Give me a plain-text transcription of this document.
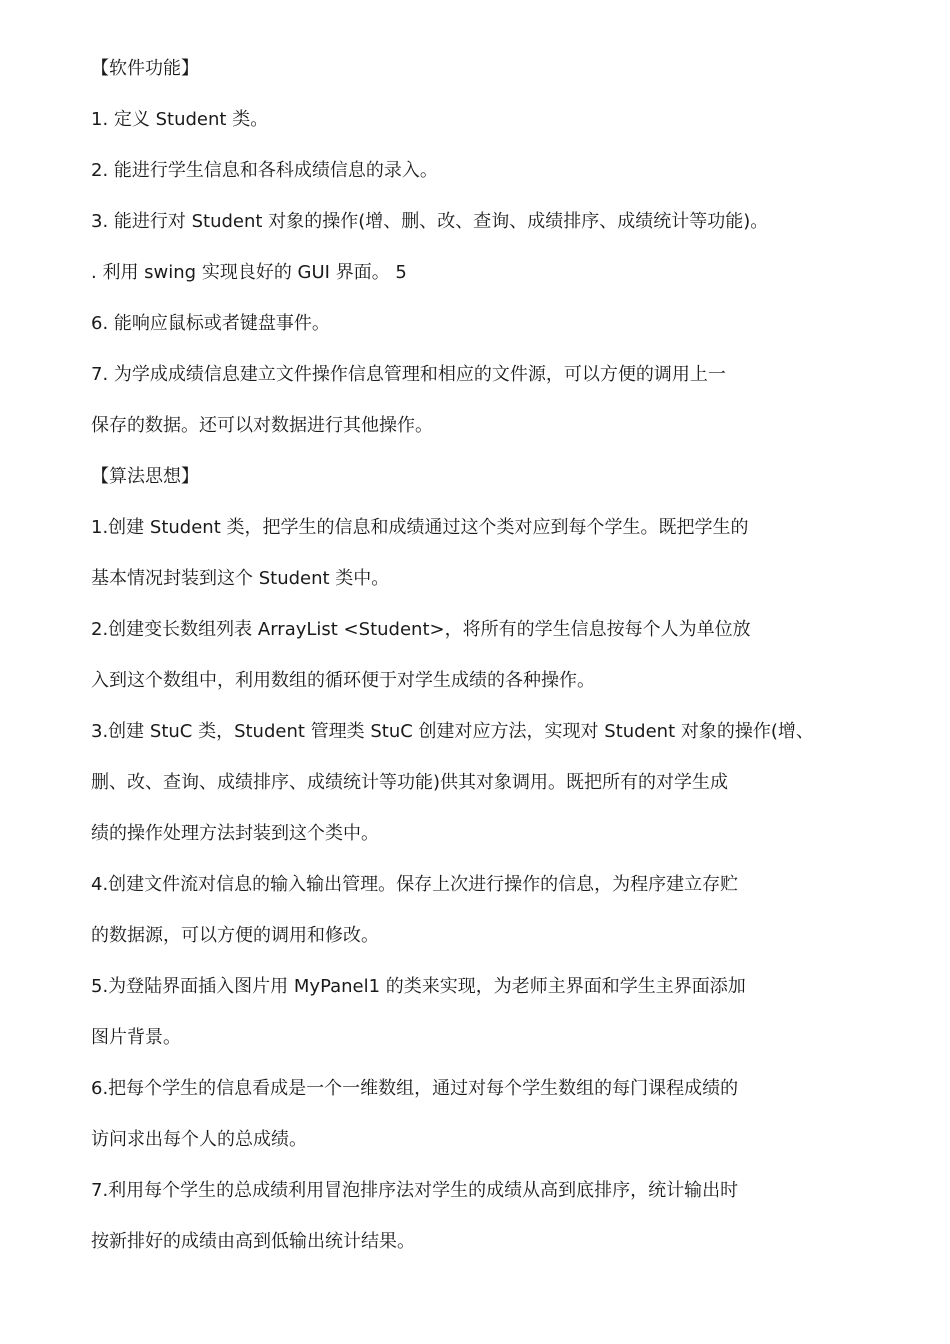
【软件功能】
1. 定义 Student 类。
2. 能进行学生信息和各科成绩信息的录入。
3. 能进行对 Student 对象的操作(增、删、改、查询、成绩排序、成绩统计等功能)。
. 利用 swing 实现良好的 GUI 界面。 5
6. 能响应鼠标或者键盘事件。
7. 为学成成绩信息建立文件操作信息管理和相应的文件源，可以方便的调用上一
保存的数据。还可以对数据进行其他操作。
【算法思想】
1.创建 Student 类，把学生的信息和成绩通过这个类对应到每个学生。既把学生的
基本情况封装到这个 Student 类中。
2.创建变长数组列表 ArrayList <Student>，将所有的学生信息按每个人为单位放
入到这个数组中，利用数组的循环便于对学生成绩的各种操作。
3.创建 StuC 类，Student 管理类 StuC 创建对应方法，实现对 Student 对象的操作(增、
删、改、查询、成绩排序、成绩统计等功能)供其对象调用。既把所有的对学生成
绩的操作处理方法封装到这个类中。
4.创建文件流对信息的输入输出管理。保存上次进行操作的信息，为程序建立存贮
的数据源，可以方便的调用和修改。
5.为登陆界面插入图片用 MyPanel1 的类来实现，为老师主界面和学生主界面添加
图片背景。
6.把每个学生的信息看成是一个一维数组，通过对每个学生数组的每门课程成绩的
访问求出每个人的总成绩。
7.利用每个学生的总成绩利用冒泡排序法对学生的成绩从高到底排序，统计输出时
按新排好的成绩由高到低输出统计结果。
